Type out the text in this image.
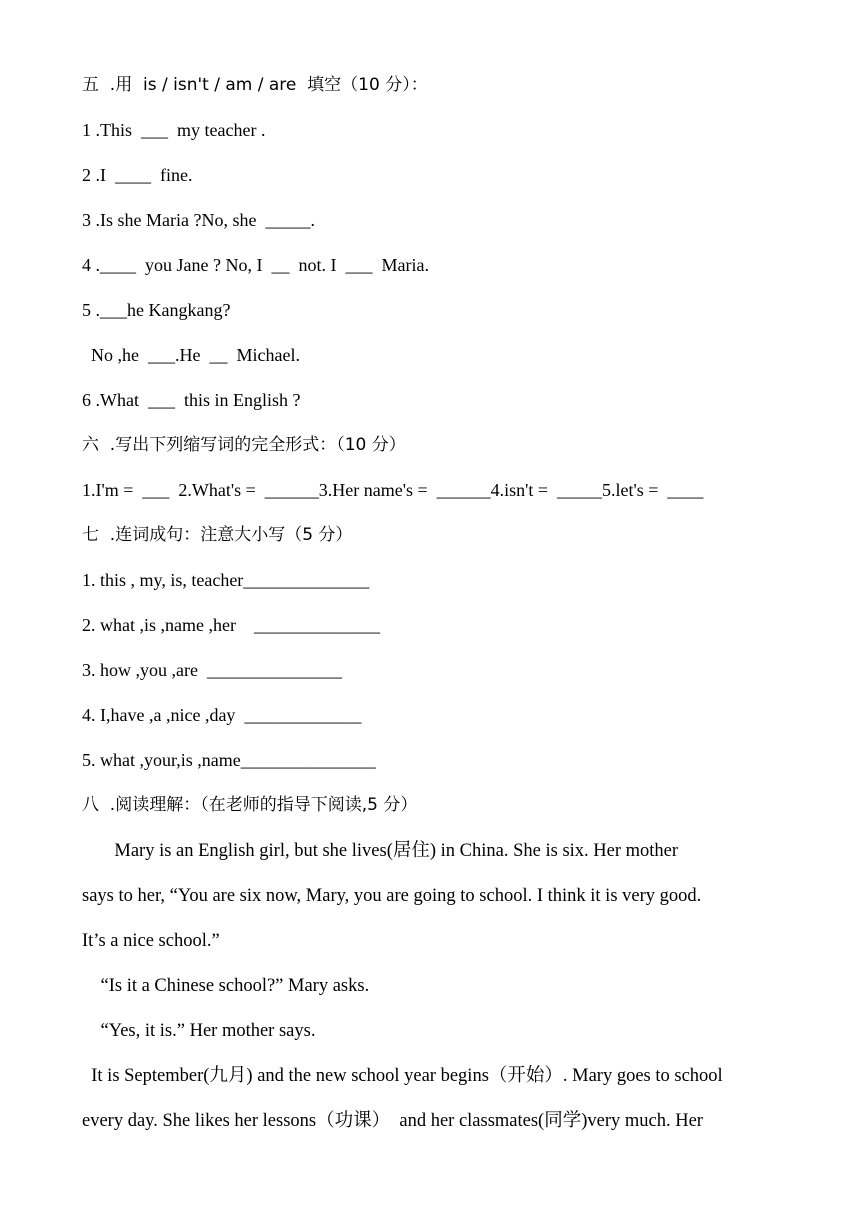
五  .用  is / isn't / am / are  填空（10 分）：
1 .This  ___  my teacher .
2 .I  ____  fine.
3 .Is she Maria ?No, she  _____.
4 .____  you Jane ? No, I  __  not. I  ___  Maria.
5 .___he Kangkang?
No ,he  ___.He  __  Michael.
6 .What  ___  this in English ?
六  .写出下列缩写词的完全形式：（10 分）
1.I'm =  ___  2.What's =  ______3.Her name's =  ______4.isn't =  _____5.let's =  ____
七  .连词成句：注意大小写（5 分）
1. this , my, is, teacher______________
2. what ,is ,name ,her    ______________
3. how ,you ,are  _______________
4. I,have ,a ,nice ,day  _____________
5. what ,your,is ,name_______________
八  .阅读理解：（在老师的指导下阅读,5 分）
Mary is an English girl, but she lives(居住) in China. She is six. Her mother
says to her, “You are six now, Mary, you are going to school. I think it is very good.
It’s a nice school.”
“Is it a Chinese school?” Mary asks.
“Yes, it is.” Her mother says.
It is September(九月) and the new school year begins（开始）. Mary goes to school
every day. She likes her lessons（功课）  and her classmates(同学)very much. Her
